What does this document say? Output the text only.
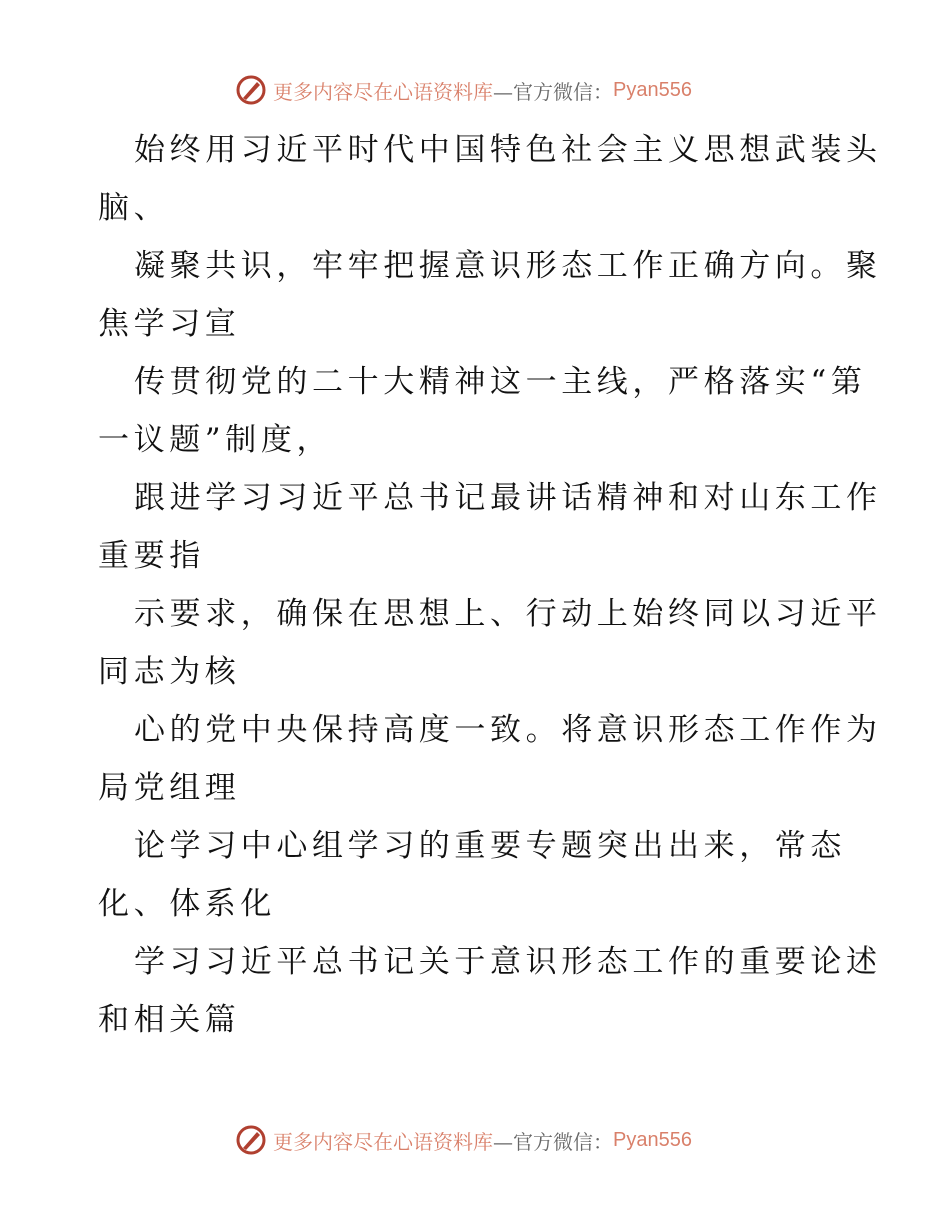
更多内容尽在心语资料库 —官方微信： Pyan556
始终用习近平时代中国特色社会主义思想武装头
脑、
凝聚共识，牢牢把握意识形态工作正确方向。聚
焦学习宣
传贯彻党的二十大精神这一主线，严格落实“第
一议题”制度，
跟进学习习近平总书记最讲话精神和对山东工作
重要指
示要求，确保在思想上、行动上始终同以习近平
同志为核
心的党中央保持高度一致。将意识形态工作作为
局党组理
论学习中心组学习的重要专题突出出来，常态
化、体系化
学习习近平总书记关于意识形态工作的重要论述
和相关篇
更多内容尽在心语资料库 —官方微信： Pyan556
